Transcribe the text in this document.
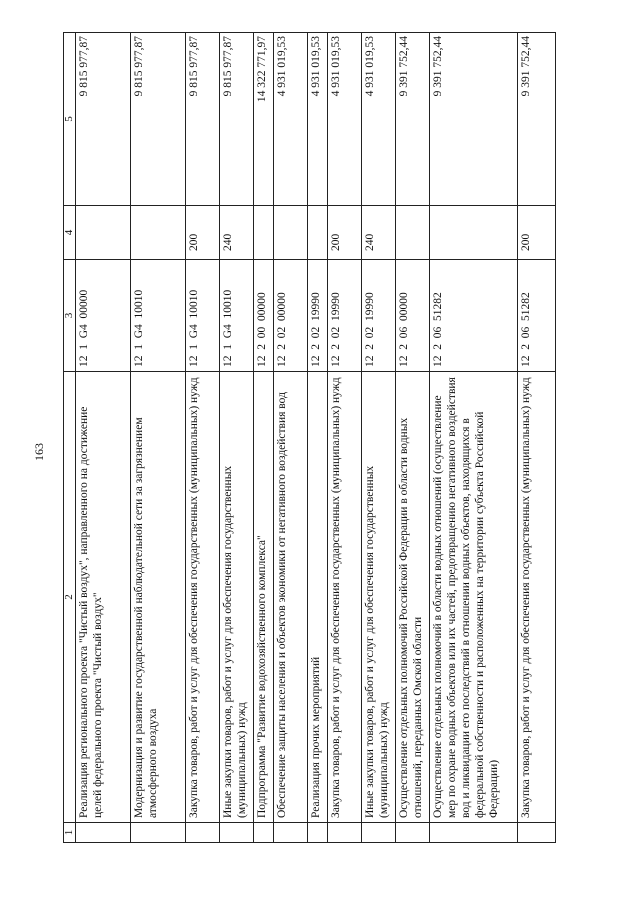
163
1	2	3	4	5
	Реализация регионального проекта "Чистый воздух", направленного на достижение целей федерального проекта "Чистый воздух"	12  1  G4  00000		9 815 977,87
	Модернизация и развитие государственной наблюдательной сети за загрязнением атмосферного воздуха	12  1  G4  10010		9 815 977,87
	Закупка товаров, работ и услуг для обеспечения государственных (муниципальных) нужд	12  1  G4  10010	200	9 815 977,87
	Иные закупки товаров, работ и услуг для обеспечения государственных (муниципальных) нужд	12  1  G4  10010	240	9 815 977,87
	Подпрограмма "Развитие водохозяйственного комплекса"	12  2  00  00000		14 322 771,97
	Обеспечение защиты населения и объектов экономики от негативного воздействия вод	12  2  02  00000		4 931 019,53
	Реализация прочих мероприятий	12  2  02  19990		4 931 019,53
	Закупка товаров, работ и услуг для обеспечения государственных (муниципальных) нужд	12  2  02  19990	200	4 931 019,53
	Иные закупки товаров, работ и услуг для обеспечения государственных (муниципальных) нужд	12  2  02  19990	240	4 931 019,53
	Осуществление отдельных полномочий Российской Федерации в области водных отношений, переданных Омской области	12  2  06  00000		9 391 752,44
	Осуществление отдельных полномочий в области водных отношений (осуществление мер по охране водных объектов или их частей, предотвращению негативного воздействия вод и ликвидации его последствий в отношении водных объектов, находящихся в федеральной собственности и расположенных на территории субъекта Российской Федерации)	12  2  06  51282		9 391 752,44
	Закупка товаров, работ и услуг для обеспечения государственных (муниципальных) нужд	12  2  06  51282	200	9 391 752,44
